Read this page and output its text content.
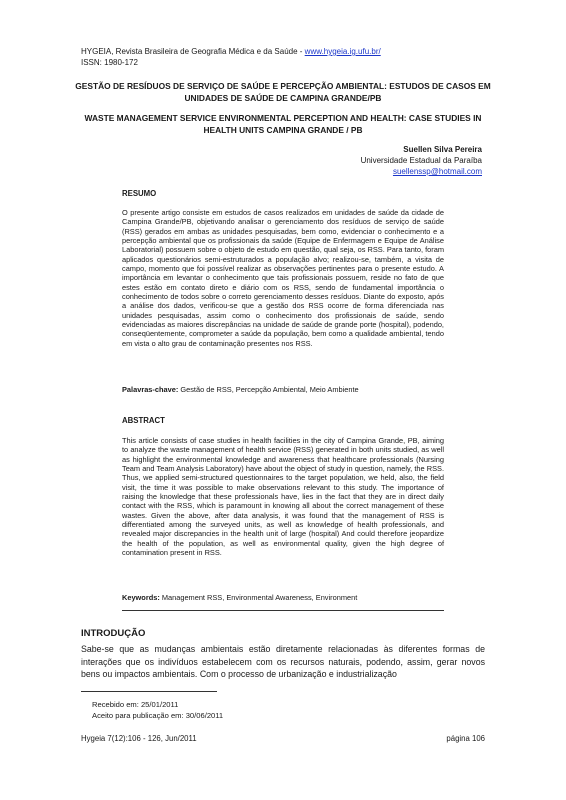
HYGEIA, Revista Brasileira de Geografia Médica e da Saúde - www.hygeia.ig.ufu.br/
ISSN: 1980-172
GESTÃO DE RESÍDUOS DE SERVIÇO DE SAÚDE E PERCEPÇÃO AMBIENTAL: ESTUDOS DE CASOS EM UNIDADES DE SAÚDE DE CAMPINA GRANDE/PB
WASTE MANAGEMENT SERVICE ENVIRONMENTAL PERCEPTION AND HEALTH: CASE STUDIES IN HEALTH UNITS CAMPINA GRANDE / PB
Suellen Silva Pereira
Universidade Estadual da Paraíba
suellenssp@hotmail.com
RESUMO
O presente artigo consiste em estudos de casos realizados em unidades de saúde da cidade de Campina Grande/PB, objetivando analisar o gerenciamento dos resíduos de serviço de saúde (RSS) gerados em ambas as unidades pesquisadas, bem como, evidenciar o conhecimento e a percepção ambiental que os profissionais da saúde (Equipe de Enfermagem e Equipe de Análise Laboratorial) possuem sobre o objeto de estudo em questão, qual seja, os RSS. Para tanto, foram aplicados questionários semi-estruturados a população alvo; realizou-se, também, a visita de campo, momento que foi possível realizar as observações pertinentes para o presente estudo. A importância em levantar o conhecimento que tais profissionais possuem, reside no fato de que estes estão em contato direto e diário com os RSS, sendo de fundamental importância o conhecimento de todos sobre o correto gerenciamento desses resíduos. Diante do exposto, após a análise dos dados, verificou-se que a gestão dos RSS ocorre de forma diferenciada nas unidades pesquisadas, assim como o conhecimento dos profissionais de saúde, sendo evidenciadas as maiores discrepâncias na unidade de saúde de grande porte (hospital), podendo, conseqüentemente, comprometer a saúde da população, bem como a qualidade ambiental, tendo em vista o alto grau de contaminação presentes nos RSS.
Palavras-chave: Gestão de RSS, Percepção Ambiental, Meio Ambiente
ABSTRACT
This article consists of case studies in health facilities in the city of Campina Grande, PB, aiming to analyze the waste management of health service (RSS) generated in both units studied, as well as highlight the environmental knowledge and awareness that healthcare professionals (Nursing Team and Team Analysis Laboratory) have about the object of study in question, namely, the RSS. Thus, we applied semi-structured questionnaires to the target population, we held, also, the field visit, the time it was possible to make observations relevant to this study. The importance of raising the knowledge that these professionals have, lies in the fact that they are in direct daily contact with the RSS, which is paramount in knowing all about the correct management of these wastes. Given the above, after data analysis, it was found that the management of RSS is differentiated among the surveyed units, as well as knowledge of health professionals, and revealed major discrepancies in the health unit of large (hospital) And could therefore jeopardize the health of the population, as well as environmental quality, given the high degree of contamination present in RSS.
Keywords: Management RSS, Environmental Awareness, Environment
INTRODUÇÃO
Sabe-se que as mudanças ambientais estão diretamente relacionadas às diferentes formas de interações que os indivíduos estabelecem com os recursos naturais, podendo, assim, gerar novos bens ou impactos ambientais. Com o processo de urbanização e industrialização
Recebido em: 25/01/2011
Aceito para publicação em: 30/06/2011
Hygeia 7(12):106 - 126, Jun/2011	página 106
